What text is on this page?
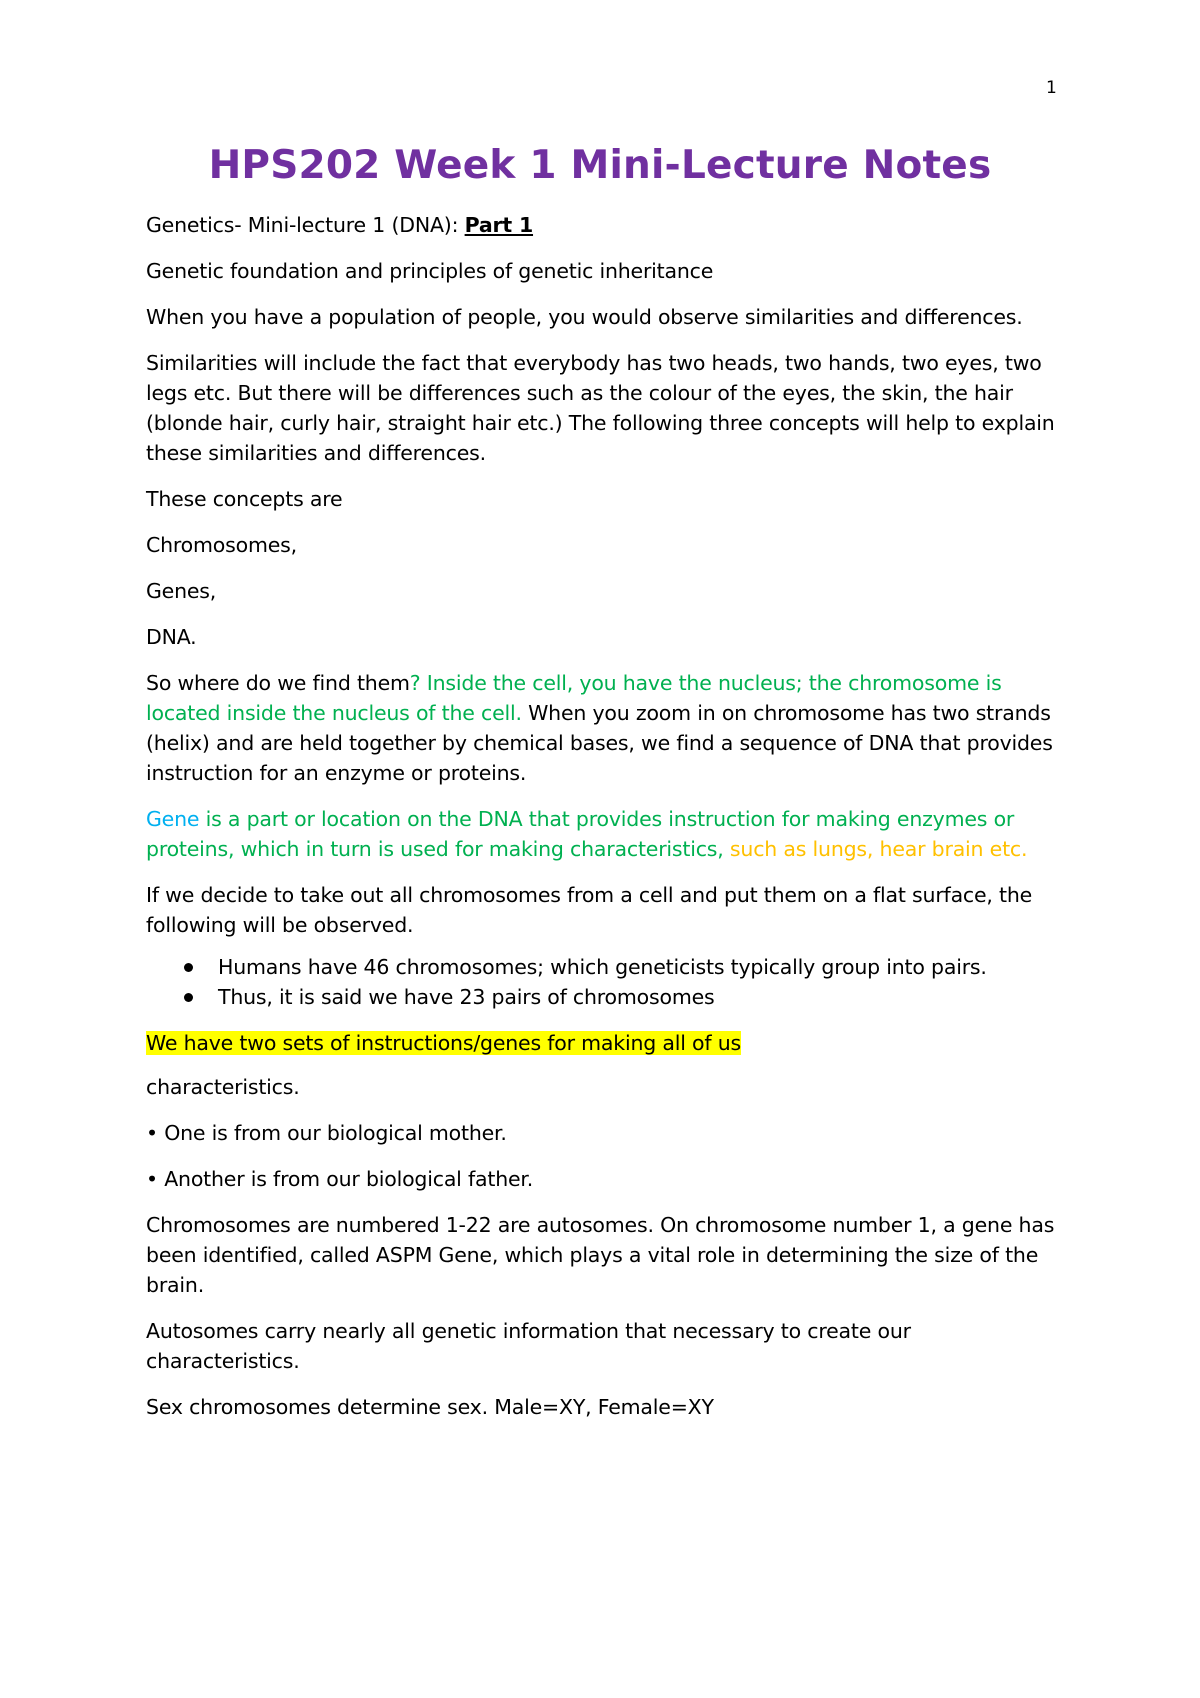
1
HPS202 Week 1 Mini-Lecture Notes

Genetics- Mini-lecture 1 (DNA): Part 1

Genetic foundation and principles of genetic inheritance

When you have a population of people, you would observe similarities and differences.

Similarities will include the fact that everybody has two heads, two hands, two eyes, two legs etc. But there will be differences such as the colour of the eyes, the skin, the hair (blonde hair, curly hair, straight hair etc.) The following three concepts will help to explain these similarities and differences.

These concepts are

Chromosomes,

Genes,

DNA.

So where do we find them? Inside the cell, you have the nucleus; the chromosome is located inside the nucleus of the cell. When you zoom in on chromosome has two strands (helix) and are held together by chemical bases, we find a sequence of DNA that provides instruction for an enzyme or proteins.

Gene is a part or location on the DNA that provides instruction for making enzymes or proteins, which in turn is used for making characteristics, such as lungs, hear brain etc.

If we decide to take out all chromosomes from a cell and put them on a flat surface, the following will be observed.

Humans have 46 chromosomes; which geneticists typically group into pairs.
Thus, it is said we have 23 pairs of chromosomes

We have two sets of instructions/genes for making all of us

characteristics.

• One is from our biological mother.

• Another is from our biological father.

Chromosomes are numbered 1-22 are autosomes. On chromosome number 1, a gene has been identified, called ASPM Gene, which plays a vital role in determining the size of the brain.

Autosomes carry nearly all genetic information that necessary to create our characteristics.

Sex chromosomes determine sex. Male=XY, Female=XY
